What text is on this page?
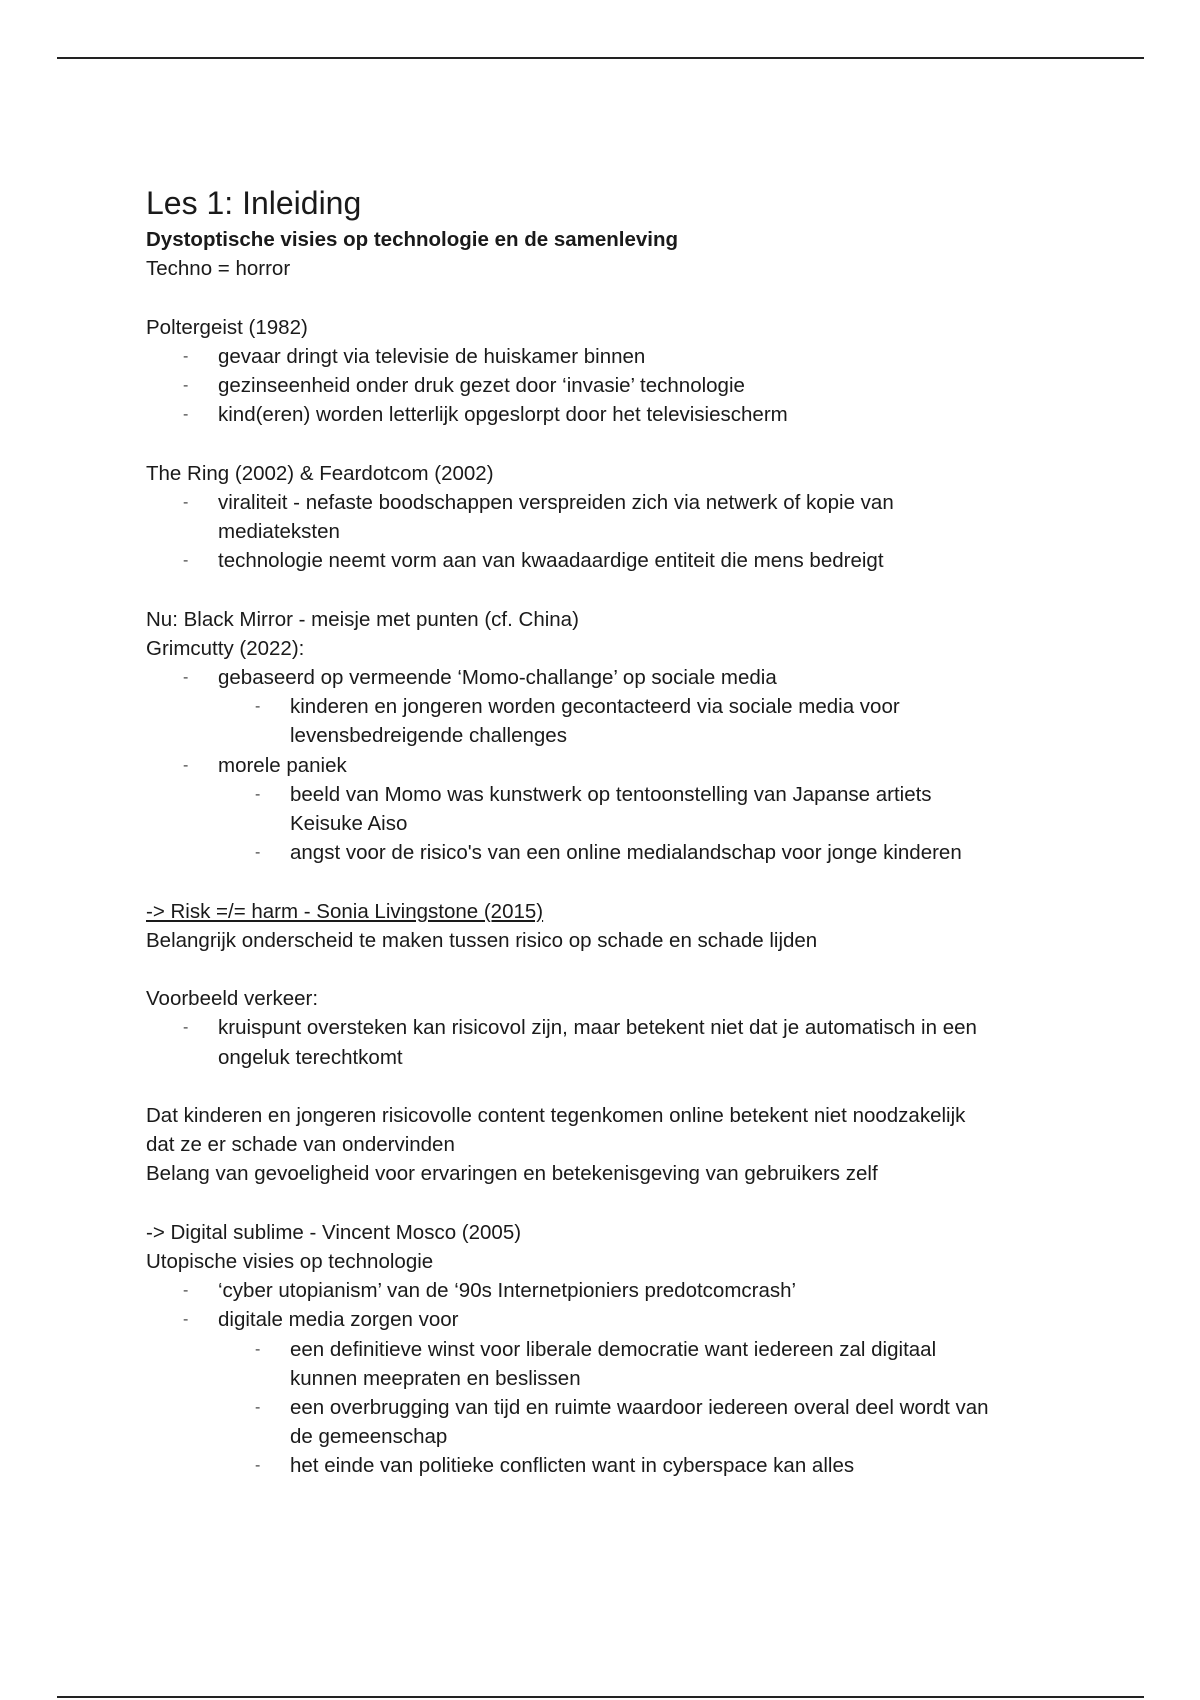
Les 1: Inleiding
Dystoptische visies op technologie en de samenleving
Techno = horror
Poltergeist (1982)
- gevaar dringt via televisie de huiskamer binnen
- gezinseenheid onder druk gezet door ‘invasie’ technologie
- kind(eren) worden letterlijk opgeslorpt door het televisiescherm
The Ring (2002) & Feardotcom (2002)
- viraliteit - nefaste boodschappen verspreiden zich via netwerk of kopie van
mediateksten
- technologie neemt vorm aan van kwaadaardige entiteit die mens bedreigt
Nu: Black Mirror - meisje met punten (cf. China)
Grimcutty (2022):
- gebaseerd op vermeende ‘Momo-challange’ op sociale media
- kinderen en jongeren worden gecontacteerd via sociale media voor
levensbedreigende challenges
- morele paniek
- beeld van Momo was kunstwerk op tentoonstelling van Japanse artiets
Keisuke Aiso
- angst voor de risico's van een online medialandschap voor jonge kinderen
-> Risk =/= harm - Sonia Livingstone (2015)
Belangrijk onderscheid te maken tussen risico op schade en schade lijden
Voorbeeld verkeer:
- kruispunt oversteken kan risicovol zijn, maar betekent niet dat je automatisch in een
ongeluk terechtkomt
Dat kinderen en jongeren risicovolle content tegenkomen online betekent niet noodzakelijk
dat ze er schade van ondervinden
Belang van gevoeligheid voor ervaringen en betekenisgeving van gebruikers zelf
-> Digital sublime - Vincent Mosco (2005)
Utopische visies op technologie
- ‘cyber utopianism’ van de ‘90s Internetpioniers predotcomcrash’
- digitale media zorgen voor
- een definitieve winst voor liberale democratie want iedereen zal digitaal
kunnen meepraten en beslissen
- een overbrugging van tijd en ruimte waardoor iedereen overal deel wordt van
de gemeenschap
- het einde van politieke conflicten want in cyberspace kan alles
